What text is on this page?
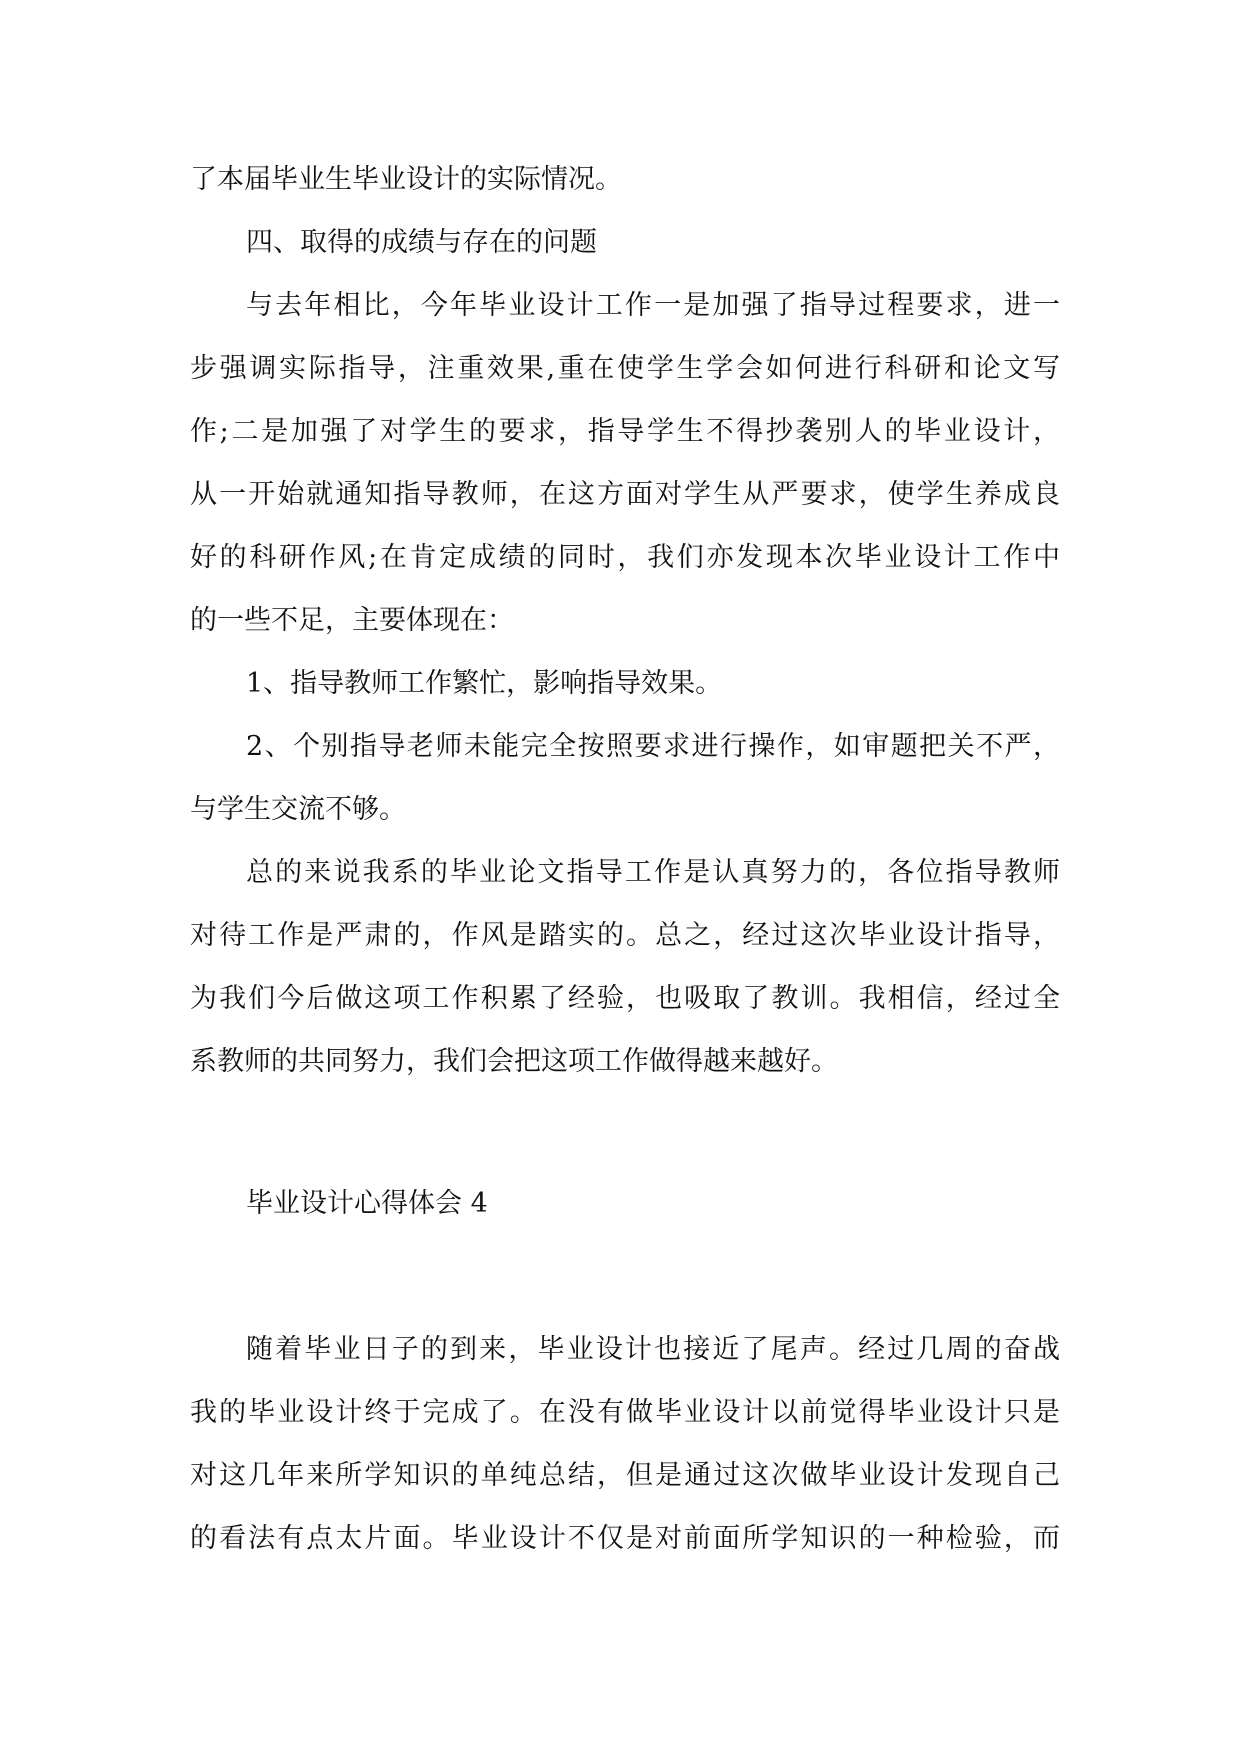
了本届毕业生毕业设计的实际情况。
四、取得的成绩与存在的问题
与去年相比，今年毕业设计工作一是加强了指导过程要求，进一
步强调实际指导，注重效果,重在使学生学会如何进行科研和论文写
作;二是加强了对学生的要求，指导学生不得抄袭别人的毕业设计，
从一开始就通知指导教师，在这方面对学生从严要求，使学生养成良
好的科研作风;在肯定成绩的同时，我们亦发现本次毕业设计工作中
的一些不足，主要体现在：
1、指导教师工作繁忙，影响指导效果。
2、个别指导老师未能完全按照要求进行操作，如审题把关不严，
与学生交流不够。
总的来说我系的毕业论文指导工作是认真努力的，各位指导教师
对待工作是严肃的，作风是踏实的。总之，经过这次毕业设计指导，
为我们今后做这项工作积累了经验，也吸取了教训。我相信，经过全
系教师的共同努力，我们会把这项工作做得越来越好。
毕业设计心得体会 4
随着毕业日子的到来，毕业设计也接近了尾声。经过几周的奋战
我的毕业设计终于完成了。在没有做毕业设计以前觉得毕业设计只是
对这几年来所学知识的单纯总结，但是通过这次做毕业设计发现自己
的看法有点太片面。毕业设计不仅是对前面所学知识的一种检验，而
